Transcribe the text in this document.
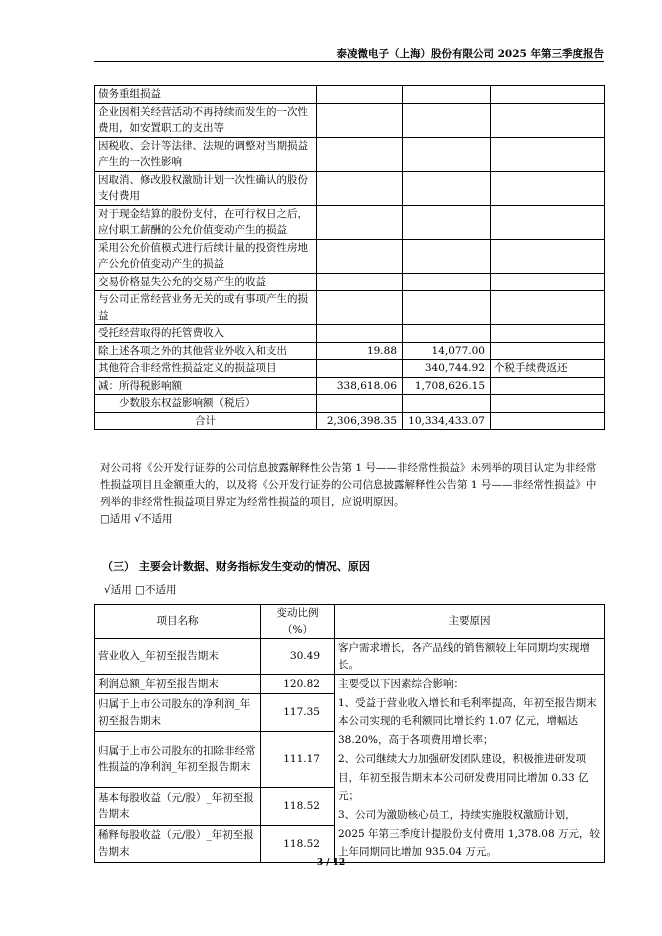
泰凌微电子（上海）股份有限公司 2025 年第三季度报告
债务重组损益			
企业因相关经营活动不再持续而发生的一次性费用，如安置职工的支出等			
因税收、会计等法律、法规的调整对当期损益产生的一次性影响			
因取消、修改股权激励计划一次性确认的股份支付费用			
对于现金结算的股份支付，在可行权日之后，应付职工薪酬的公允价值变动产生的损益			
采用公允价值模式进行后续计量的投资性房地产公允价值变动产生的损益			
交易价格显失公允的交易产生的收益			
与公司正常经营业务无关的或有事项产生的损益			
受托经营取得的托管费收入			
除上述各项之外的其他营业外收入和支出	19.88	14,077.00	
其他符合非经常性损益定义的损益项目		340,744.92	个税手续费返还
减：所得税影响额	338,618.06	1,708,626.15	
少数股东权益影响额（税后）			
合计	2,306,398.35	10,334,433.07	
对公司将《公开发行证券的公司信息披露解释性公告第 1 号——非经常性损益》未列举的项目认定为非经常性损益项目且金额重大的，以及将《公开发行证券的公司信息披露解释性公告第 1 号——非经常性损益》中列举的非经常性损益项目界定为经常性损益的项目，应说明原因。
□适用 √不适用
（三） 主要会计数据、财务指标发生变动的情况、原因
√适用 □不适用
项目名称	变动比例（%）	主要原因
营业收入_年初至报告期末	30.49	客户需求增长，各产品线的销售额较上年同期均实现增长。
利润总额_年初至报告期末	120.82	主要受以下因素综合影响：
1、受益于营业收入增长和毛利率提高，年初至报告期末本公司实现的毛利额同比增长约 1.07 亿元，增幅达 38.20%，高于各项费用增长率；
2、公司继续大力加强研发团队建设，积极推进研发项目，年初至报告期末本公司研发费用同比增加 0.33 亿元；
3、公司为激励核心员工，持续实施股权激励计划，2025 年第三季度计提股份支付费用 1,378.08 万元，较上年同期同比增加 935.04 万元。

归属于上市公司股东的净利润_年初至报告期末	117.35	
归属于上市公司股东的扣除非经常性损益的净利润_年初至报告期末	111.17	
基本每股收益（元/股）_年初至报告期末	118.52	
稀释每股收益（元/股）_年初至报告期末	118.52	
3 / 12
